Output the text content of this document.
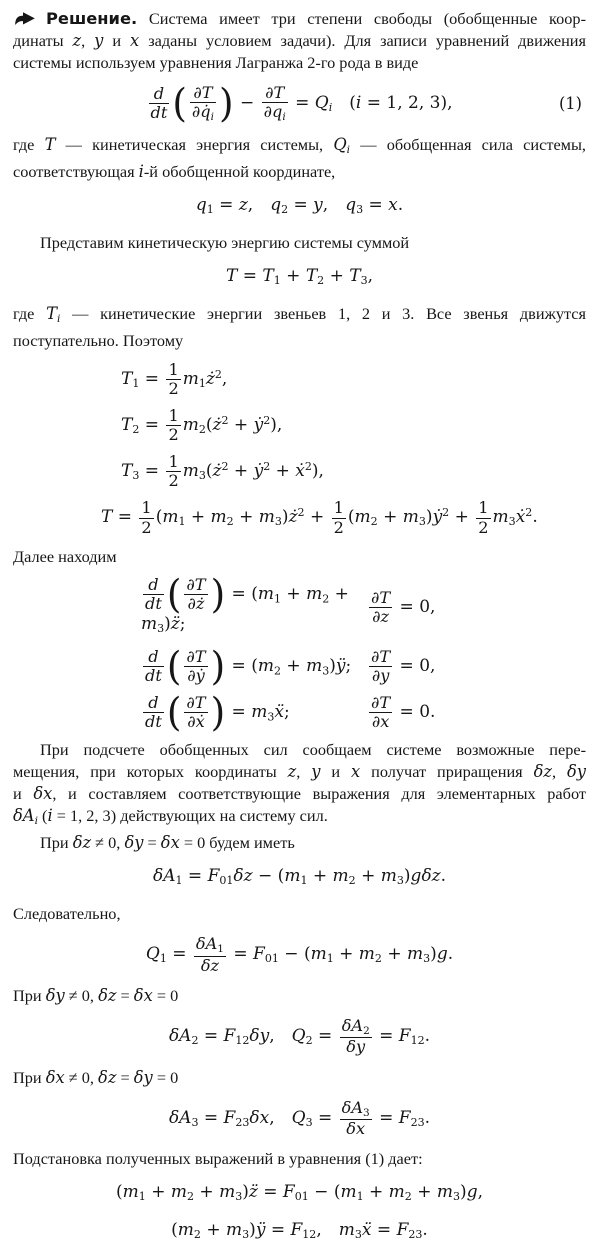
Решение. Система имеет три степени свободы (обобщенные коор-
динаты z, y и x заданы условием задачи). Для записи уравнений движения
системы используем уравнения Лагранжа 2-го рода в виде

$\frac{d}{dt}$ ( $\frac{\partial T}{\partial q̇i}$ ) − $\frac{\partial T}{\partial qi} = Qi$ (i = 1, 2, 3),	(1)

где T — кинетическая энергия системы, Qi — обобщенная сила системы,
соответствующая i-й обобщенной координате,

q1 = z, q2 = y, q3 = x.

Представим кинетическую энергию системы суммой

T = T1 + T2 + T3,

где Ti — кинетические энергии звеньев 1, 2 и 3. Все звенья движутся
поступательно. Поэтому

$T1 = \frac{1}{2}$ $m1ż^2$,
$T2 = \frac{1}{2}$ $m2(ż^2$ + ẏ$^2$),
$T3 = \frac{1}{2}$ $m3(ż^2$ + ẏ$^2$ + ẋ$^2$),
$T = \frac{1}{2} (m1 + m2$ + $m3)ż^2 + \frac{1}{2} (m2$ + m3)ẏ$^2$ + $\frac{1}{2}$ m3ẋ$^2$.

Далее находим

$\frac{d}{dt}$ ( $\frac{\partial T}{\partial ż}$ ) = (m1 + m2 + m3)z̈;	$\frac{\partial T}{\partial z} = 0$,
$\frac{d}{dt}$ ( $\frac{\partial T}{\text{∂ẏ}}$ ) = (m2 + m3)ÿ;	$\frac{\partial T}{\partial y} = 0$,
$\frac{d}{dt}$ ( $\frac{\partial T}{\text{∂ẋ}}$ ) = m3ẍ;	$\frac{\partial T}{\partial x} = 0$.

При подсчете обобщенных сил сообщаем системе возможные пере-
мещения, при которых координаты z, y и x получат приращения δz, δy
и δx, и составляем соответствующие выражения для элементарных работ
δAi (i = 1, 2, 3) действующих на систему сил.

При δz ≠ 0, δy = δx = 0 будем иметь

δA1 = F01δz − (m1 + m2 + m3)gδz.

Следовательно,

$Q1 = \frac{\delta A1}{\delta z} = F01 - (m1 + m2 + m3)g$.

При δy ≠ 0, δz = δx = 0

δA2 = F12δy, $Q2 = \frac{\delta A2}{\delta y} = F12$.

При δx ≠ 0, δz = δy = 0

δA3 = F23δx, $Q3 = \frac{\delta A3}{\delta x} = F23$.

Подстановка полученных выражений в уравнения (1) дает:

(m1 + m2 + m3)z̈ = F01 − (m1 + m2 + m3)g,
(m2 + m3)ÿ = F12, m3ẍ = F23.
